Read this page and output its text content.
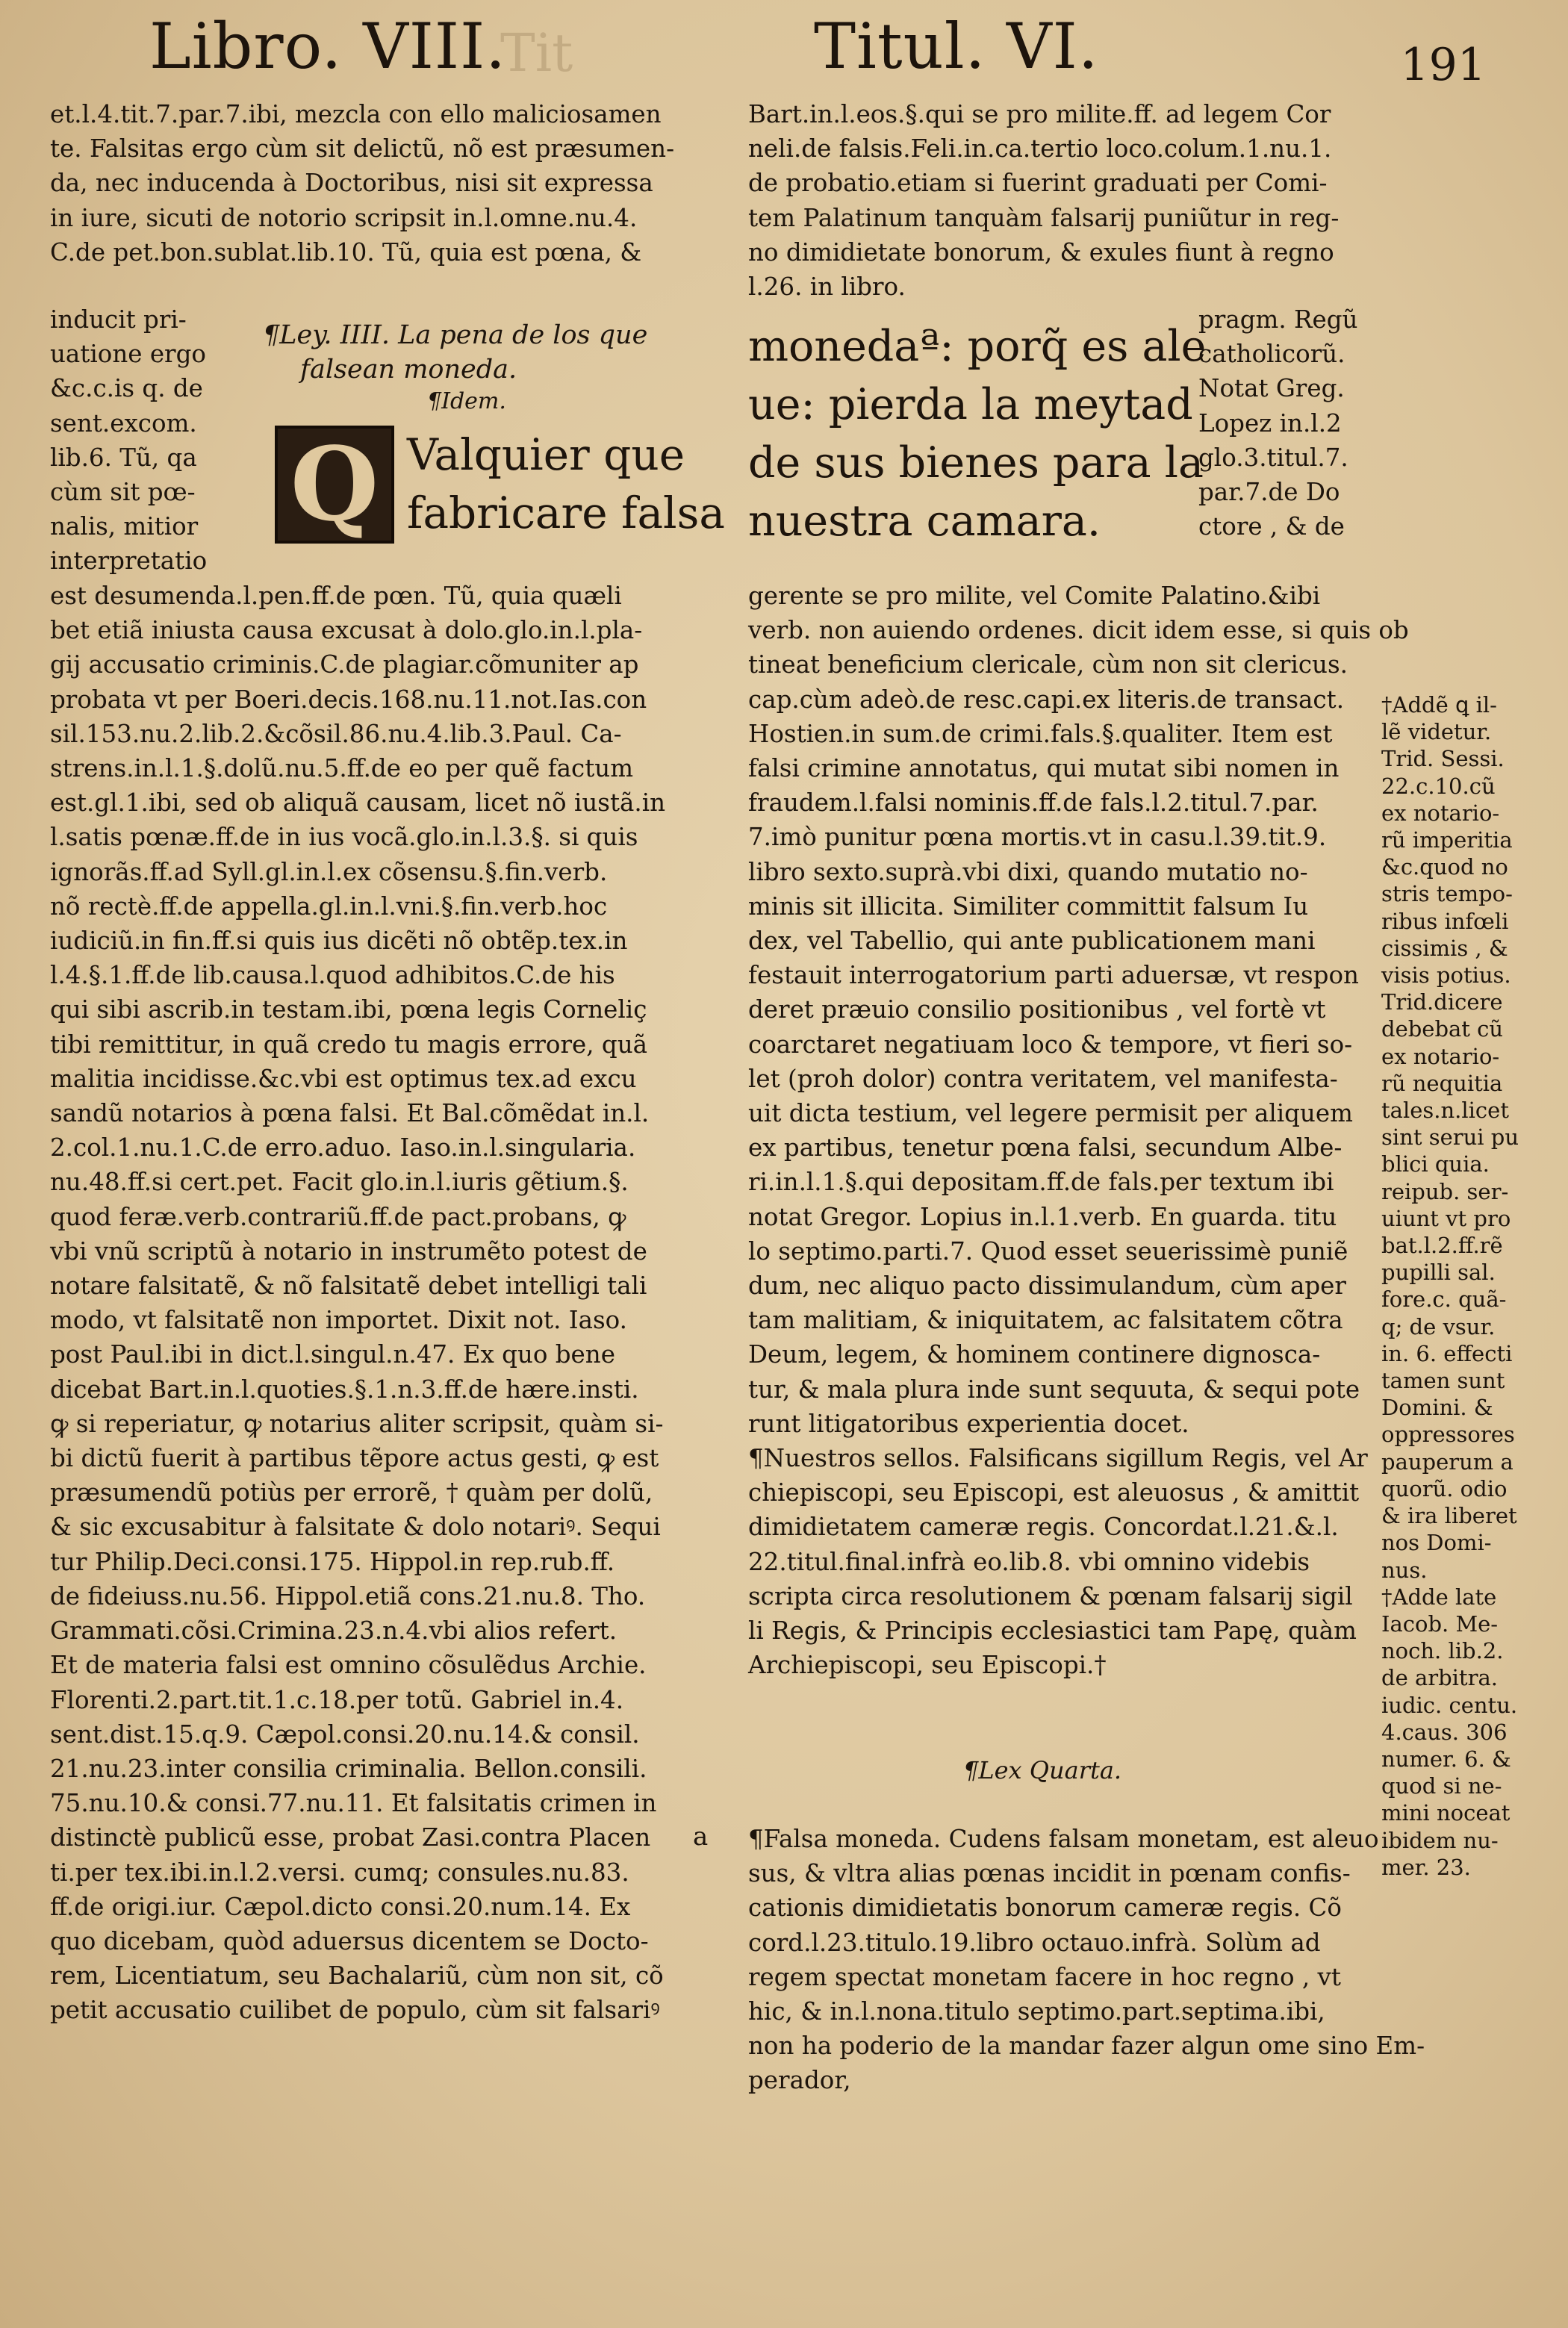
Tit
Libro. VIII.	Titul. VI.	191
et.l.4.tit.7.par.7.ibi, mezcla con ello maliciosamen
te. Falsitas ergo cùm sit delictũ, nõ est præsumen-
da, nec inducenda à Doctoribus, nisi sit expressa
in iure, sicuti de notorio scripsit in.l.omne.nu.4.
C.de pet.bon.sublat.lib.10. Tũ, quia est pœna, &
inducit pri-
uatione ergo
&c.c.is q. de
sent.excom.
lib.6. Tũ, qa
cùm sit pœ-
nalis, mitior
interpretatio
¶Ley. IIII. La pena de los que
falsean moneda.
¶Idem.
Q Valquier que
fabricare falsa
est desumenda.l.pen.ff.de pœn. Tũ, quia quæli
bet etiã iniusta causa excusat à dolo.glo.in.l.pla-
gij accusatio criminis.C.de plagiar.cõmuniter ap
probata vt per Boeri.decis.168.nu.11.not.Ias.con
sil.153.nu.2.lib.2.&cõsil.86.nu.4.lib.3.Paul. Ca-
strens.in.l.1.§.dolũ.nu.5.ff.de eo per quẽ factum
est.gl.1.ibi, sed ob aliquã causam, licet nõ iustã.in
l.satis pœnæ.ff.de in ius vocã.glo.in.l.3.§. si quis
ignorãs.ff.ad Syll.gl.in.l.ex cõsensu.§.fin.verb.
nõ rectè.ff.de appella.gl.in.l.vni.§.fin.verb.hoc
iudiciũ.in fin.ff.si quis ius dicẽti nõ obtẽp.tex.in
l.4.§.1.ff.de lib.causa.l.quod adhibitos.C.de his
qui sibi ascrib.in testam.ibi, pœna legis Corneliç
tibi remittitur, in quã credo tu magis errore, quã
malitia incidisse.&c.vbi est optimus tex.ad excu
sandũ notarios à pœna falsi. Et Bal.cõmẽdat in.l.
2.col.1.nu.1.C.de erro.aduo. Iaso.in.l.singularia.
nu.48.ff.si cert.pet. Facit glo.in.l.iuris gẽtium.§.
quod feræ.verb.contrariũ.ff.de pact.probans, ꝙ
vbi vnũ scriptũ à notario in instrumẽto potest de
notare falsitatẽ, & nõ falsitatẽ debet intelligi tali
modo, vt falsitatẽ non importet. Dixit not. Iaso.
post Paul.ibi in dict.l.singul.n.47. Ex quo bene
dicebat Bart.in.l.quoties.§.1.n.3.ff.de hære.insti.
ꝙ si reperiatur, ꝙ notarius aliter scripsit, quàm si-
bi dictũ fuerit à partibus tẽpore actus gesti, ꝙ est
præsumendũ potiùs per errorẽ, † quàm per dolũ,
& sic excusabitur à falsitate & dolo notariꝰ. Sequi
tur Philip.Deci.consi.175. Hippol.in rep.rub.ff.
de fideiuss.nu.56. Hippol.etiã cons.21.nu.8. Tho.
Grammati.cõsi.Crimina.23.n.4.vbi alios refert.
Et de materia falsi est omnino cõsulẽdus Archie.
Florenti.2.part.tit.1.c.18.per totũ. Gabriel in.4.
sent.dist.15.q.9. Cæpol.consi.20.nu.14.& consil.
21.nu.23.inter consilia criminalia. Bellon.consili.
75.nu.10.& consi.77.nu.11. Et falsitatis crimen in
distinctè publicũ esse, probat Zasi.contra Placen
ti.per tex.ibi.in.l.2.versi. cumq; consules.nu.83.
ff.de origi.iur. Cæpol.dicto consi.20.num.14. Ex
quo dicebam, quòd aduersus dicentem se Docto-
rem, Licentiatum, seu Bachalariũ, cùm non sit, cõ
petit accusatio cuilibet de populo, cùm sit falsariꝰ
Bart.in.l.eos.§.qui se pro milite.ff. ad legem Cor
neli.de falsis.Feli.in.ca.tertio loco.colum.1.nu.1.
de probatio.etiam si fuerint graduati per Comi-
tem Palatinum tanquàm falsarij puniũtur in reg-
no dimidietate bonorum, & exules fiunt à regno
l.26. in libro.
monedaª: porq̃ es ale
ue: pierda la meytad
de sus bienes para la
nuestra camara.
pragm. Regũ
catholicorũ.
Notat Greg.
Lopez in.l.2
glo.3.titul.7.
par.7.de Do
ctore , & de
gerente se pro milite, vel Comite Palatino.&ibi
verb. non auiendo ordenes. dicit idem esse, si quis ob
tineat beneficium clericale, cùm non sit clericus.
cap.cùm adeò.de resc.capi.ex literis.de transact.
Hostien.in sum.de crimi.fals.§.qualiter. Item est
falsi crimine annotatus, qui mutat sibi nomen in
fraudem.l.falsi nominis.ff.de fals.l.2.titul.7.par.
7.imò punitur pœna mortis.vt in casu.l.39.tit.9.
libro sexto.suprà.vbi dixi, quando mutatio no-
minis sit illicita. Similiter committit falsum Iu
dex, vel Tabellio, qui ante publicationem mani
festauit interrogatorium parti aduersæ, vt respon
deret præuio consilio positionibus , vel fortè vt
coarctaret negatiuam loco & tempore, vt fieri so-
let (proh dolor) contra veritatem, vel manifesta-
uit dicta testium, vel legere permisit per aliquem
ex partibus, tenetur pœna falsi, secundum Albe-
ri.in.l.1.§.qui depositam.ff.de fals.per textum ibi
notat Gregor. Lopius in.l.1.verb. En guarda. titu
lo septimo.parti.7. Quod esset seuerissimè puniẽ
dum, nec aliquo pacto dissimulandum, cùm aper
tam malitiam, & iniquitatem, ac falsitatem cõtra
Deum, legem, & hominem continere dignosca-
tur, & mala plura inde sunt sequuta, & sequi pote
runt litigatoribus experientia docet.
¶Nuestros sellos. Falsificans sigillum Regis, vel Ar
chiepiscopi, seu Episcopi, est aleuosus , & amittit
dimidietatem cameræ regis. Concordat.l.21.&.l.
22.titul.final.infrà eo.lib.8. vbi omnino videbis
scripta circa resolutionem & pœnam falsarij sigil
li Regis, & Principis ecclesiastici tam Papę, quàm
Archiepiscopi, seu Episcopi.†
¶Lex Quarta.
a ¶Falsa moneda. Cudens falsam monetam, est aleuo
sus, & vltra alias pœnas incidit in pœnam confis-
cationis dimidietatis bonorum cameræ regis. Cõ
cord.l.23.titulo.19.libro octauo.infrà. Solùm ad
regem spectat monetam facere in hoc regno , vt
hic, & in.l.nona.titulo septimo.part.septima.ibi,
non ha poderio de la mandar fazer algun ome sino Em-
perador,
†Addẽ ꝗ il-
lẽ videtur.
Trid. Sessi.
22.c.10.cũ
ex notario-
rũ imperitia
&c.quod no
stris tempo-
ribus infœli
cissimis , &
visis potius.
Trid.dicere
debebat cũ
ex notario-
rũ nequitia
tales.n.licet
sint serui pu
blici quia.
reipub. ser-
uiunt vt pro
bat.l.2.ff.rẽ
pupilli sal.
fore.c. quã-
q; de vsur.
in. 6. effecti
tamen sunt
Domini. &
oppressores
pauperum a
quorũ. odio
& ira liberet
nos Domi-
nus.
†Adde late
Iacob. Me-
noch. lib.2.
de arbitra.
iudic. centu.
4.caus. 306
numer. 6. &
quod si ne-
mini noceat
ibidem nu-
mer. 23.
